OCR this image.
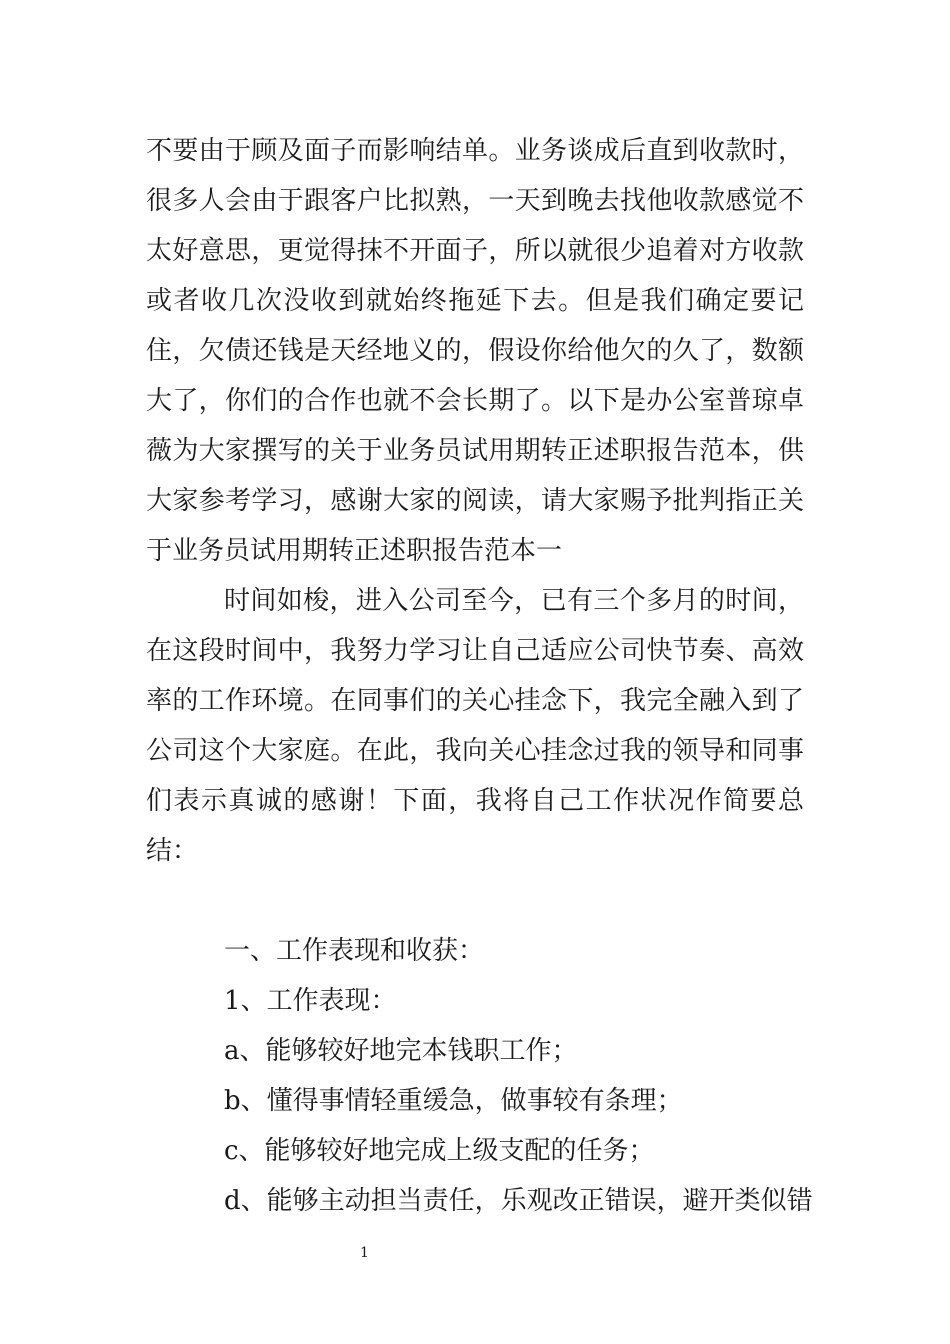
不要由于顾及面子而影响结单。业务谈成后直到收款时，
很多人会由于跟客户比拟熟，一天到晚去找他收款感觉不
太好意思，更觉得抹不开面子，所以就很少追着对方收款
或者收几次没收到就始终拖延下去。但是我们确定要记
住，欠债还钱是天经地义的，假设你给他欠的久了，数额
大了，你们的合作也就不会长期了。以下是办公室普琼卓
薇为大家撰写的关于业务员试用期转正述职报告范本，供
大家参考学习，感谢大家的阅读，请大家赐予批判指正关
于业务员试用期转正述职报告范本一
时间如梭，进入公司至今，已有三个多月的时间，
在这段时间中，我努力学习让自己适应公司快节奏、高效
率的工作环境。在同事们的关心挂念下，我完全融入到了
公司这个大家庭。在此，我向关心挂念过我的领导和同事
们表示真诚的感谢！下面，我将自己工作状况作简要总
结：
一、工作表现和收获：
1、工作表现：
a、能够较好地完本钱职工作；
b、懂得事情轻重缓急，做事较有条理；
c、能够较好地完成上级支配的任务；
d、能够主动担当责任，乐观改正错误，避开类似错
1
